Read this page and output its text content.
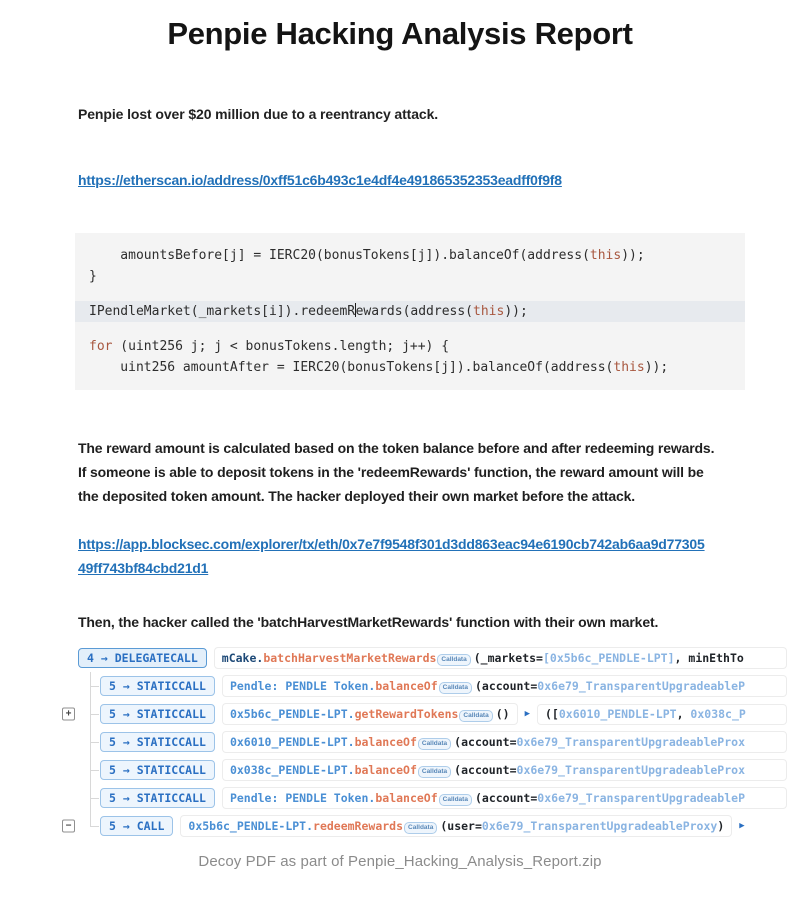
Penpie Hacking Analysis Report

Penpie lost over $20 million due to a reentrancy attack.

https://etherscan.io/address/0xff51c6b493c1e4df4e491865352353eadff0f9f8
amountsBefore[j] = IERC20(bonusTokens[j]).balanceOf(address(this));
}
IPendleMarket(_markets[i]).redeemRewards(address(this));
for (uint256 j; j < bonusTokens.length; j++) {
uint256 amountAfter = IERC20(bonusTokens[j]).balanceOf(address(this));

The reward amount is calculated based on the token balance before and after redeeming rewards. If someone is able to deposit tokens in the 'redeemRewards' function, the reward amount will be the deposited token amount. The hacker deployed their own market before the attack.

https://app.blocksec.com/explorer/tx/eth/0x7e7f9548f301d3dd863eac94e6190cb742ab6aa9d7730549ff743bf84cbd21d1

Then, the hacker called the 'batchHarvestMarketRewards' function with their own market.

4 → DELEGATECALL	mCake.batchHarvestMarketRewards Calldata (_markets=[0x5b6c_PENDLE-LPT], minEthTo
5 → STATICCALL	Pendle: PENDLE Token.balanceOf Calldata (account=0x6e79_TransparentUpgradeableP
+	5 → STATICCALL	0x5b6c_PENDLE-LPT.getRewardTokens Calldata ()	▶	([0x6010_PENDLE-LPT, 0x038c_P
5 → STATICCALL	0x6010_PENDLE-LPT.balanceOf Calldata (account=0x6e79_TransparentUpgradeableProx
5 → STATICCALL	0x038c_PENDLE-LPT.balanceOf Calldata (account=0x6e79_TransparentUpgradeableProx
5 → STATICCALL	Pendle: PENDLE Token.balanceOf Calldata (account=0x6e79_TransparentUpgradeableP
−	5 → CALL	0x5b6c_PENDLE-LPT.redeemRewards Calldata (user=0x6e79_TransparentUpgradeableProxy)	▶
Decoy PDF as part of Penpie_Hacking_Analysis_Report.zip
